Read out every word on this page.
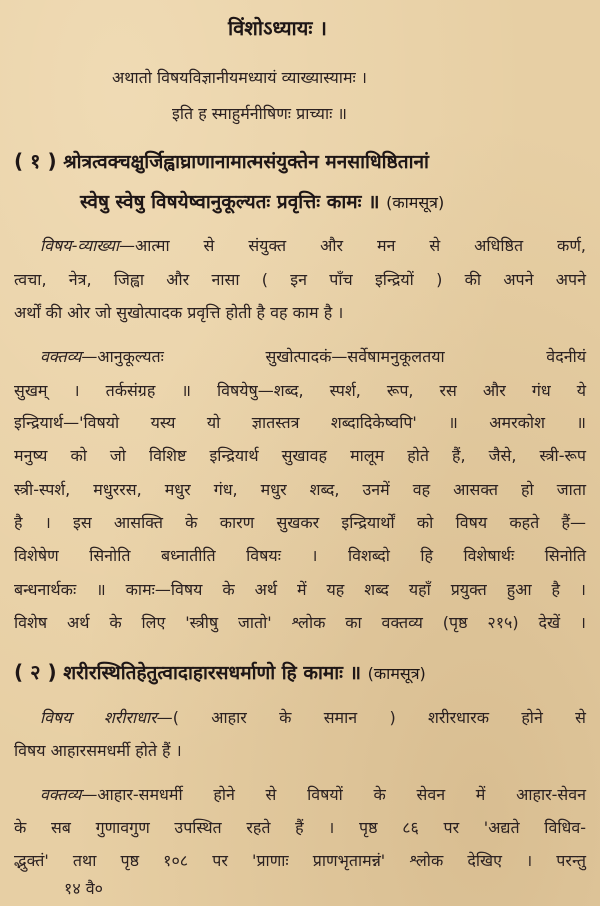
विंशोऽध्यायः ।
अथातो विषयविज्ञानीयमध्यायं व्याख्यास्यामः ।
इति ह स्माहुर्मनीषिणः प्राच्याः ॥
( १ ) श्रोत्रत्वक्चक्षुर्जिह्वाघ्राणानामात्मसंयुक्तेन मनसाधिष्ठितानां
स्वेषु स्वेषु विषयेष्वानुकूल्यतः प्रवृत्तिः कामः ॥ (कामसूत्र)
विषय-व्याख्या—आत्मा से संयुक्त और मन से अधिष्ठित कर्ण,
त्वचा, नेत्र, जिह्वा और नासा ( इन पाँच इन्द्रियों ) की अपने अपने
अर्थों की ओर जो सुखोत्पादक प्रवृत्ति होती है वह काम है ।
वक्तव्य—आनुकूल्यतः सुखोत्पादकं—सर्वेषामनुकूलतया वेदनीयं
सुखम् । तर्कसंग्रह ॥ विषयेषु—शब्द, स्पर्श, रूप, रस और गंध ये
इन्द्रियार्थ—'विषयो यस्य यो ज्ञातस्तत्र शब्दादिकेष्वपि' ॥ अमरकोश ॥
मनुष्य को जो विशिष्ट इन्द्रियार्थ सुखावह मालूम होते हैं, जैसे, स्त्री-रूप
स्त्री-स्पर्श, मधुररस, मधुर गंध, मधुर शब्द, उनमें वह आसक्त हो जाता
है । इस आसक्ति के कारण सुखकर इन्द्रियार्थों को विषय कहते हैं—
विशेषेण सिनोति बध्नातीति विषयः । विशब्दो हि विशेषार्थः सिनोति
बन्धनार्थकः ॥ कामः—विषय के अर्थ में यह शब्द यहाँ प्रयुक्त हुआ है ।
विशेष अर्थ के लिए 'स्त्रीषु जातो' श्लोक का वक्तव्य (पृष्ठ २१५) देखें ।
( २ ) शरीरस्थितिहेतुत्वादाहारसधर्माणो हि कामाः ॥ (कामसूत्र)
विषय शरीराधार—( आहार के समान ) शरीरधारक होने से
विषय आहारसमधर्मी होते हैं ।
वक्तव्य—आहार-समधर्मी होने से विषयों के सेवन में आहार-सेवन
के सब गुणावगुण उपस्थित रहते हैं । पृष्ठ ८६ पर 'अद्यते विधिव-
द्भुक्तं' तथा पृष्ठ १०८ पर 'प्राणाः प्राणभृतामन्नं' श्लोक देखिए । परन्तु
१४ वै०
